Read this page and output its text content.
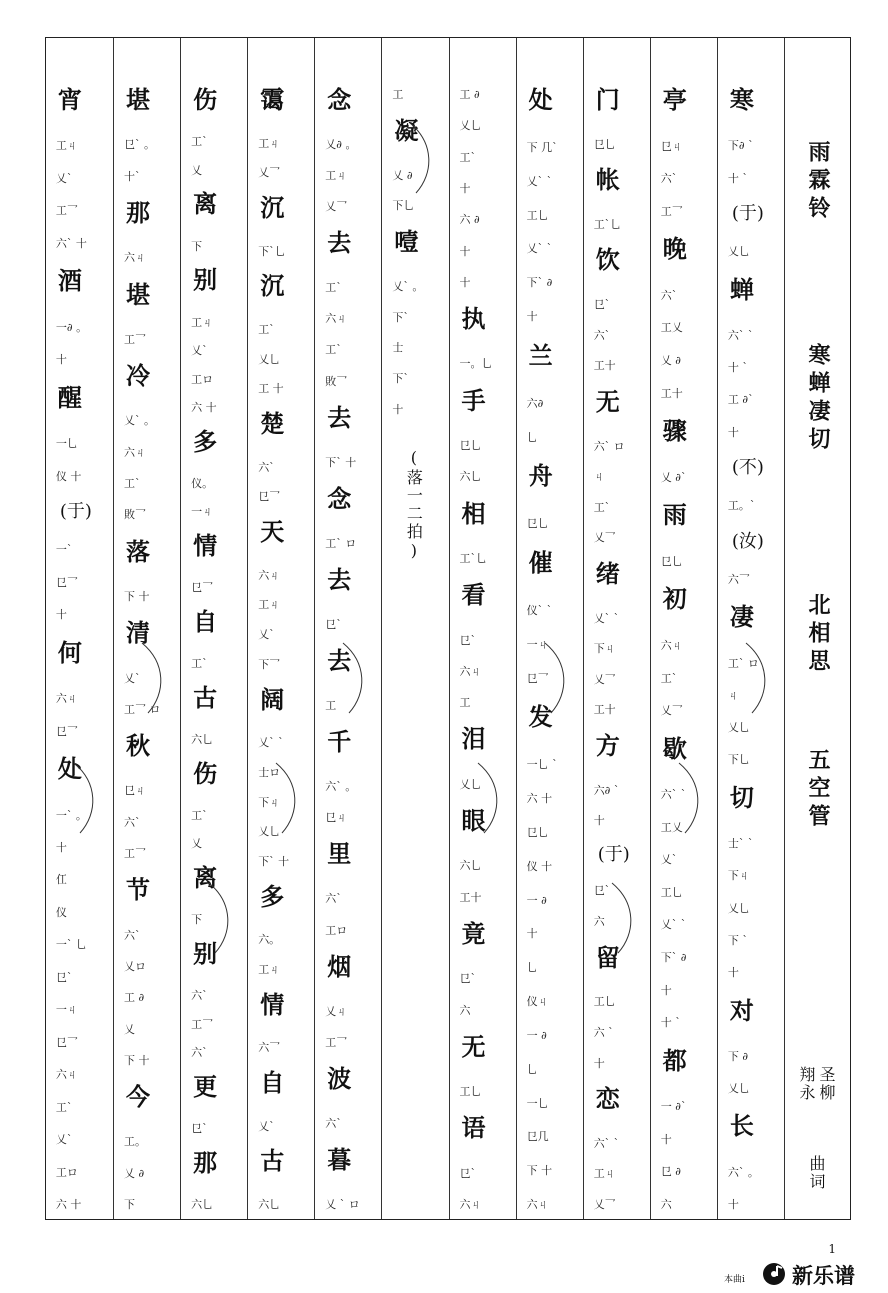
雨霖铃
寒蝉凄切
北相思
五空管
圣柳
翔永
曲词
寒
下∂ ˋ
十 ˋ
(于)
乂乚
蝉
六ˋ ˋ
十 ˋ
工 ∂ˋ
十
(不)
工。ˋ
(汝)
六乛
凄
工ˋ ロ
ㄐ
乂乚
下乚
切
士ˋ ˋ
下ㄐ
乂乚
下 ˋ
十
对
下 ∂
乂乚
长
六ˋ 。
十
亭
㔾ㄐ
六ˋ
工乛
晚
六ˋ
工乂
乂 ∂
工十
骤
乂 ∂ˋ
雨
㔾乚
初
六ㄐ
工ˋ
乂乛
歇
六ˋ ˋ
工乂
乂ˋ
工乚
乂ˋ ˋ
下ˋ ∂
十
十 ˋ
都
一 ∂ˋ
十
㔾 ∂
六
门
㔾乚
帐
工ˋ乚
饮
㔾ˋ
六ˋ
工十
无
六ˋ ロ
ㄐ
工ˋ
乂乛
绪
乂ˋ ˋ
下ㄐ
乂乛
工十
方
六∂ ˋ
十
(于)
㔾ˋ
六
留
工乚
六 ˋ
十
恋
六ˋ ˋ
工ㄐ
乂乛
处
下 几ˋ
乂ˋ ˋ
工乚
乂ˋ ˋ
下ˋ ∂
十
兰
六∂
乚
舟
㔾乚
催
仪ˋ ˋ
一ㄐ
㔾乛
发
一乚 ˋ
六 十
㔾乚
仪 十
一 ∂
十
乚
仪ㄐ
一 ∂
乚
一乚
㔾几
下 十
六ㄐ
工 ∂
乂乚
工ˋ
十
六 ∂
十
十
执
一。乚
手
㔾乚
六乚
相
工ˋ乚
看
㔾ˋ
六ㄐ
工
泪
乂乚
眼
六乚
工十
竟
㔾ˋ
六
无
工乚
语
㔾ˋ
六ㄐ
工
凝
乂 ∂
下乚
噎
乂ˋ 。
下ˋ
士
下ˋ
十
(落一二拍)
念
乂∂ 。
工ㄐ
乂乛
去
工ˋ
六ㄐ
工ˋ
敗乛
去
下ˋ 十
念
工ˋ ロ
去
㔾ˋ
去
工
千
六ˋ 。
㔾ㄐ
里
六ˋ
工ロ
烟
乂ㄐ
工乛
波
六ˋ
暮
乂 ˋ ロ
霭
工ㄐ
乂乛
沉
下ˋ乚
沉
工ˋ
乂乚
工 十
楚
六ˋ
㔾乛
天
六ㄐ
工ㄐ
乂ˋ
下乛
阔
乂ˋ ˋ
士ロ
下ㄐ
乂乚
下ˋ 十
多
六。
工ㄐ
情
六乛
自
乂ˋ
古
六乚
伤
工ˋ
乂
离
下
别
工ㄐ
乂ˋ
工ロ
六 十
多
仪。
一ㄐ
情
㔾乛
自
工ˋ
古
六乚
伤
工ˋ
乂
离
下
别
六ˋ
工乛
六ˋ
更
㔾ˋ
那
六乚
堪
㔾ˋ 。
十ˋ
那
六ㄐ
堪
工乛
冷
乂ˋ 。
六ㄐ
工ˋ
敗乛
落
下 十
清
乂ˋ
工乛 ロ
秋
㔾ㄐ
六ˋ
工乛
节
六ˋ
乂ロ
工 ∂
乂
下 十
今
工。
乂 ∂
下
宵
工ㄐ
乂ˋ
工乛
六ˋ 十
酒
一∂ 。
十
醒
一乚
仪 十
(于)
一ˋ
㔾乛
十
何
六ㄐ
㔾乛
处
一ˋ 。
十
仜
仪
一ˋ 乚
㔾ˋ
一ㄐ
㔾乛
六ㄐ
工ˋ
乂ˋ
工ロ
六 十
1
本曲i 新乐谱
